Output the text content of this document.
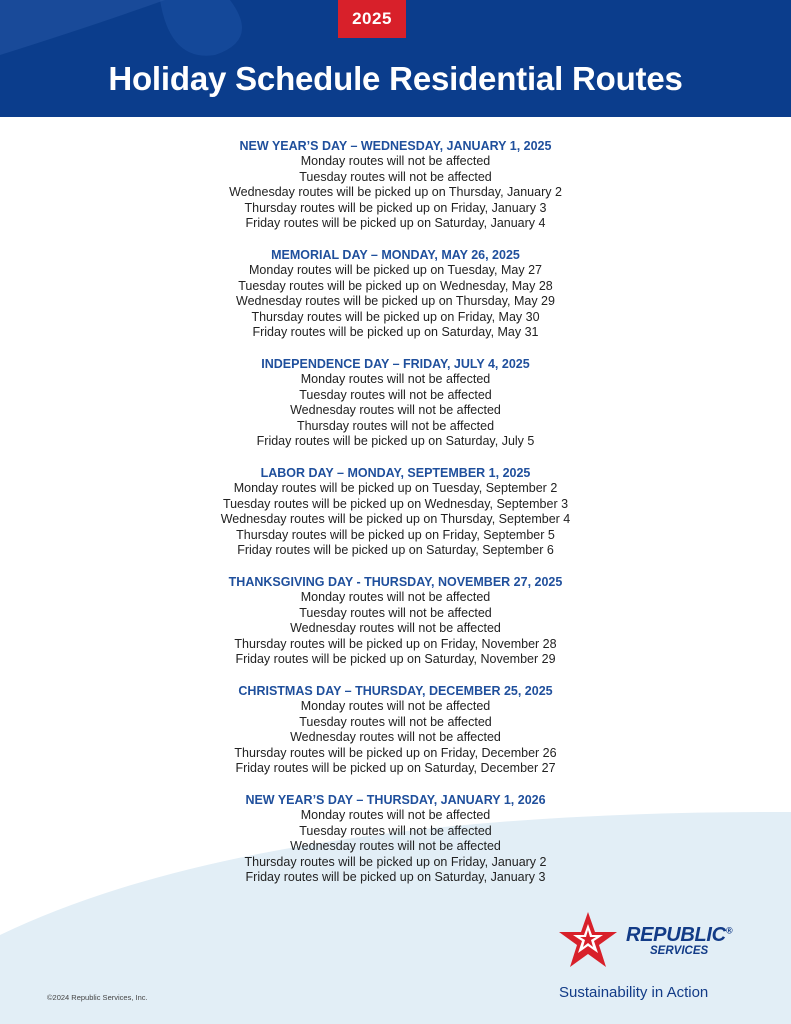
2025
Holiday Schedule Residential Routes
NEW YEAR’S DAY – WEDNESDAY, JANUARY 1, 2025
Monday routes will not be affected
Tuesday routes will not be affected
Wednesday routes will be picked up on Thursday, January 2
Thursday routes will be picked up on Friday, January 3
Friday routes will be picked up on Saturday, January 4
MEMORIAL DAY – MONDAY, MAY 26, 2025
Monday routes will be picked up on Tuesday, May 27
Tuesday routes will be picked up on Wednesday, May 28
Wednesday routes will be picked up on Thursday, May 29
Thursday routes will be picked up on Friday, May 30
Friday routes will be picked up on Saturday, May 31
INDEPENDENCE DAY – FRIDAY, JULY 4, 2025
Monday routes will not be affected
Tuesday routes will not be affected
Wednesday routes will not be affected
Thursday routes will not be affected
Friday routes will be picked up on Saturday, July 5
LABOR DAY – MONDAY, SEPTEMBER 1, 2025
Monday routes will be picked up on Tuesday, September 2
Tuesday routes will be picked up on Wednesday, September 3
Wednesday routes will be picked up on Thursday, September 4
Thursday routes will be picked up on Friday, September 5
Friday routes will be picked up on Saturday, September 6
THANKSGIVING DAY - THURSDAY, NOVEMBER 27, 2025
Monday routes will not be affected
Tuesday routes will not be affected
Wednesday routes will not be affected
Thursday routes will be picked up on Friday, November 28
Friday routes will be picked up on Saturday, November 29
CHRISTMAS DAY – THURSDAY, DECEMBER 25, 2025
Monday routes will not be affected
Tuesday routes will not be affected
Wednesday routes will not be affected
Thursday routes will be picked up on Friday, December 26
Friday routes will be picked up on Saturday, December 27
NEW YEAR’S DAY – THURSDAY, JANUARY 1, 2026
Monday routes will not be affected
Tuesday routes will not be affected
Wednesday routes will not be affected
Thursday routes will be picked up on Friday, January 2
Friday routes will be picked up on Saturday, January 3
REPUBLIC®
SERVICES
Sustainability in Action
©2024 Republic Services, Inc.
